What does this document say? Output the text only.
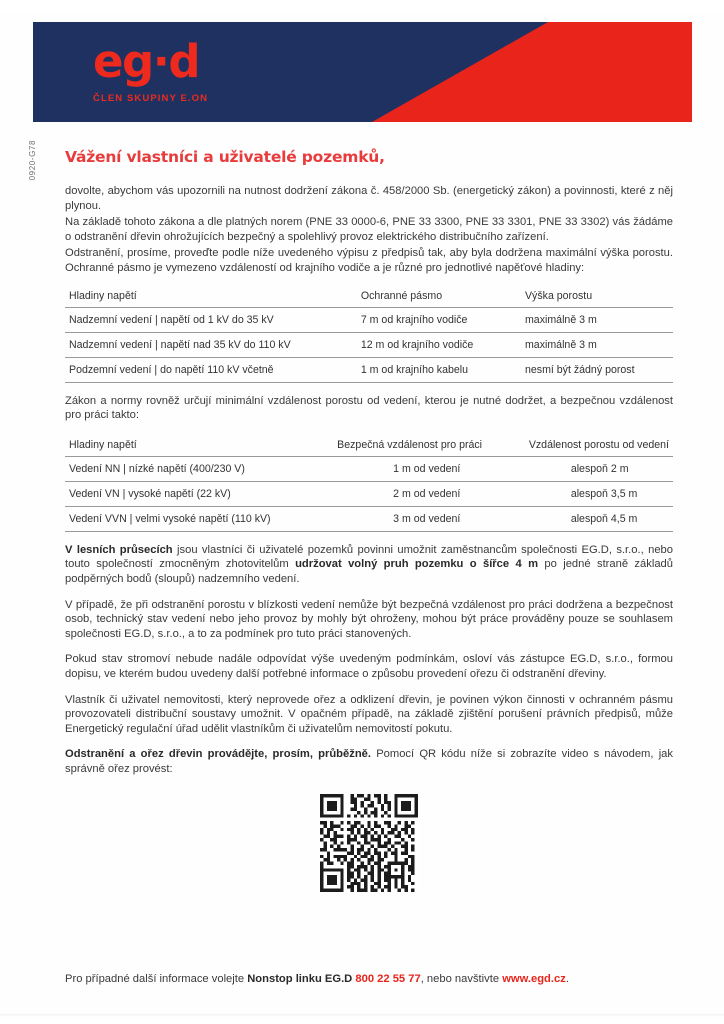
eg·d
ČLEN SKUPINY E.ON
0920-G78 Vážení vlastníci a uživatelé pozemků,

dovolte, abychom vás upozornili na nutnost dodržení zákona č. 458/2000 Sb. (energetický zákon) a povinnosti, které z něj plynou.

Na základě tohoto zákona a dle platných norem (PNE 33 0000-6, PNE 33 3300, PNE 33 3301, PNE 33 3302) vás žádáme o odstranění dřevin ohrožujících bezpečný a spolehlivý provoz elektrického distribučního zařízení.

Odstranění, prosíme, proveďte podle níže uvedeného výpisu z předpisů tak, aby byla dodržena maximální výška porostu. Ochranné pásmo je vymezeno vzdáleností od krajního vodiče a je různé pro jednotlivé napěťové hladiny:

Hladiny napětí	Ochranné pásmo	Výška porostu
Nadzemní vedení | napětí od 1 kV do 35 kV	7 m od krajního vodiče	maximálně 3 m
Nadzemní vedení | napětí nad 35 kV do 110 kV	12 m od krajního vodiče	maximálně 3 m
Podzemní vedení | do napětí 110 kV včetně	1 m od krajního kabelu	nesmí být žádný porost

Zákon a normy rovněž určují minimální vzdálenost porostu od vedení, kterou je nutné dodržet, a bezpečnou vzdálenost pro práci takto:

Hladiny napětí	Bezpečná vzdálenost pro práci	Vzdálenost porostu od vedení
Vedení NN | nízké napětí (400/230 V)	1 m od vedení	alespoň 2 m
Vedení VN | vysoké napětí (22 kV)	2 m od vedení	alespoň 3,5 m
Vedení VVN | velmi vysoké napětí (110 kV)	3 m od vedení	alespoň 4,5 m

V lesních průsecích jsou vlastníci či uživatelé pozemků povinni umožnit zaměstnancům společnosti EG.D, s.r.o., nebo touto společností zmocněným zhotovitelům udržovat volný pruh pozemku o šířce 4 m po jedné straně základů podpěrných bodů (sloupů) nadzemního vedení.

V případě, že při odstranění porostu v blízkosti vedení nemůže být bezpečná vzdálenost pro práci dodržena a bezpečnost osob, technický stav vedení nebo jeho provoz by mohly být ohroženy, mohou být práce prováděny pouze se souhlasem společnosti EG.D, s.r.o., a to za podmínek pro tuto práci stanovených.

Pokud stav stromoví nebude nadále odpovídat výše uvedeným podmínkám, osloví vás zástupce EG.D, s.r.o., formou dopisu, ve kterém budou uvedeny další potřebné informace o způsobu provedení ořezu či odstranění dřeviny.

Vlastník či uživatel nemovitosti, který neprovede ořez a odklizení dřevin, je povinen výkon činnosti v ochranném pásmu provozovateli distribuční soustavy umožnit. V opačném případě, na základě zjištění porušení právních předpisů, může Energetický regulační úřad udělit vlastníkům či uživatelům nemovitostí pokutu.

Odstranění a ořez dřevin provádějte, prosím, průběžně. Pomocí QR kódu níže si zobrazíte video s návodem, jak správně ořez provést:

Pro případné další informace volejte Nonstop linku EG.D 800 22 55 77, nebo navštivte www.egd.cz.
